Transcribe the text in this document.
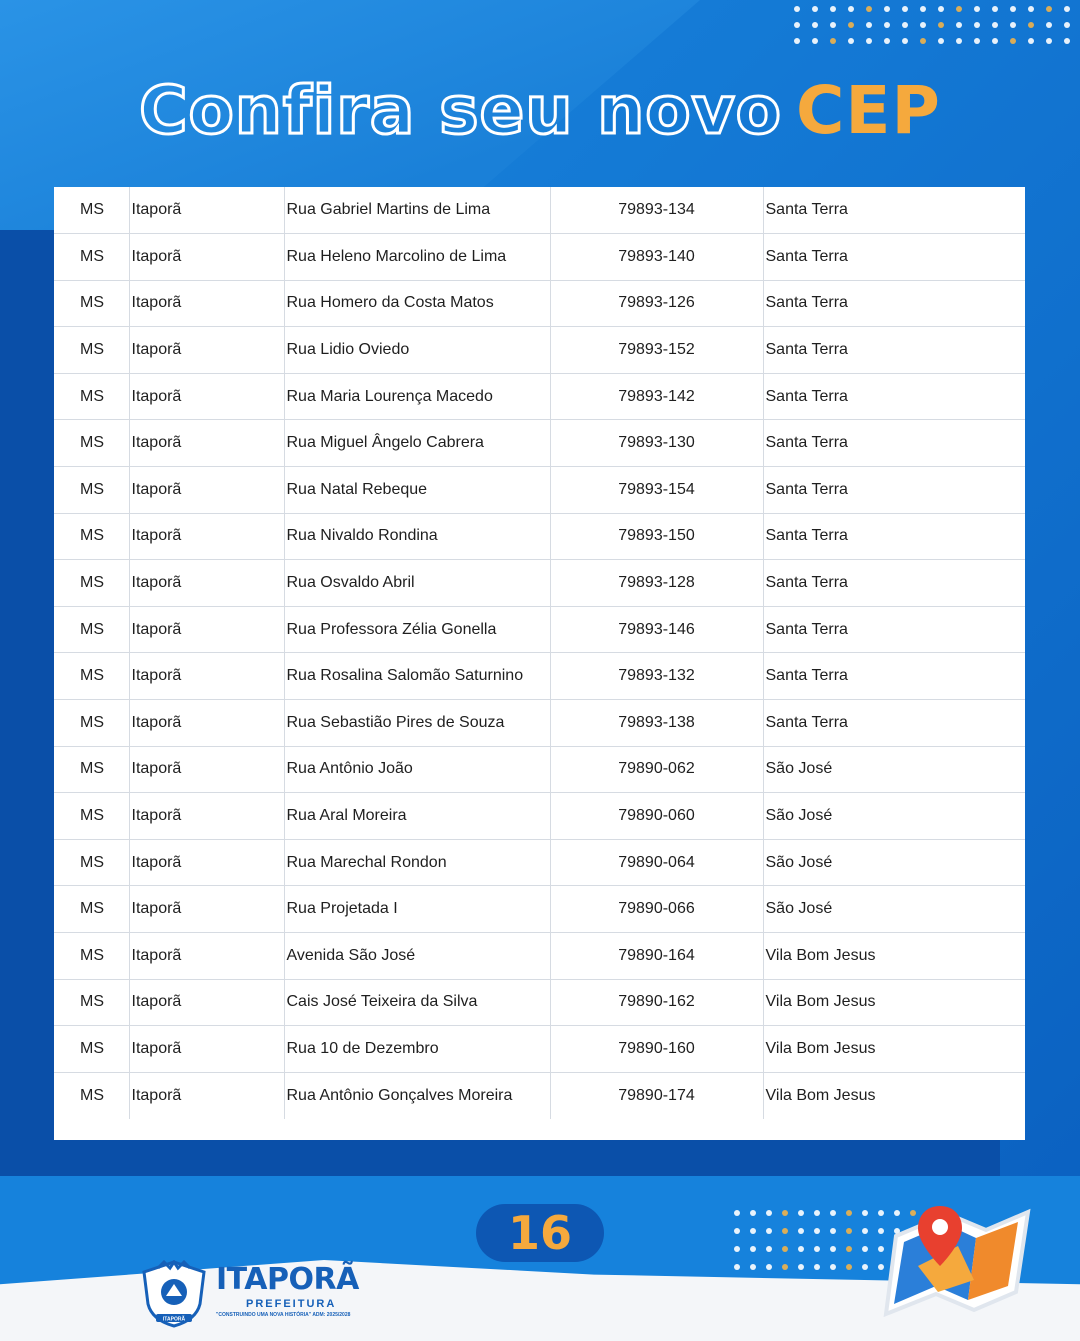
Confira seu novo CEP
MS	Itaporã	Rua Gabriel Martins de Lima	79893-134	Santa Terra
MS	Itaporã	Rua Heleno Marcolino de Lima	79893-140	Santa Terra
MS	Itaporã	Rua Homero da Costa Matos	79893-126	Santa Terra
MS	Itaporã	Rua Lidio Oviedo	79893-152	Santa Terra
MS	Itaporã	Rua Maria Lourença Macedo	79893-142	Santa Terra
MS	Itaporã	Rua Miguel Ângelo Cabrera	79893-130	Santa Terra
MS	Itaporã	Rua Natal Rebeque	79893-154	Santa Terra
MS	Itaporã	Rua Nivaldo Rondina	79893-150	Santa Terra
MS	Itaporã	Rua Osvaldo Abril	79893-128	Santa Terra
MS	Itaporã	Rua Professora Zélia Gonella	79893-146	Santa Terra
MS	Itaporã	Rua Rosalina Salomão Saturnino	79893-132	Santa Terra
MS	Itaporã	Rua Sebastião Pires de Souza	79893-138	Santa Terra
MS	Itaporã	Rua Antônio João	79890-062	São José
MS	Itaporã	Rua Aral Moreira	79890-060	São José
MS	Itaporã	Rua Marechal Rondon	79890-064	São José
MS	Itaporã	Rua Projetada I	79890-066	São José
MS	Itaporã	Avenida São José	79890-164	Vila Bom Jesus
MS	Itaporã	Cais José Teixeira da Silva	79890-162	Vila Bom Jesus
MS	Itaporã	Rua 10 de Dezembro	79890-160	Vila Bom Jesus
MS	Itaporã	Rua Antônio Gonçalves Moreira	79890-174	Vila Bom Jesus
16
ITAPORÃ
ITAPORÃ
PREFEITURA
"CONSTRUINDO UMA NOVA HISTÓRIA" ADM: 2025/2028
